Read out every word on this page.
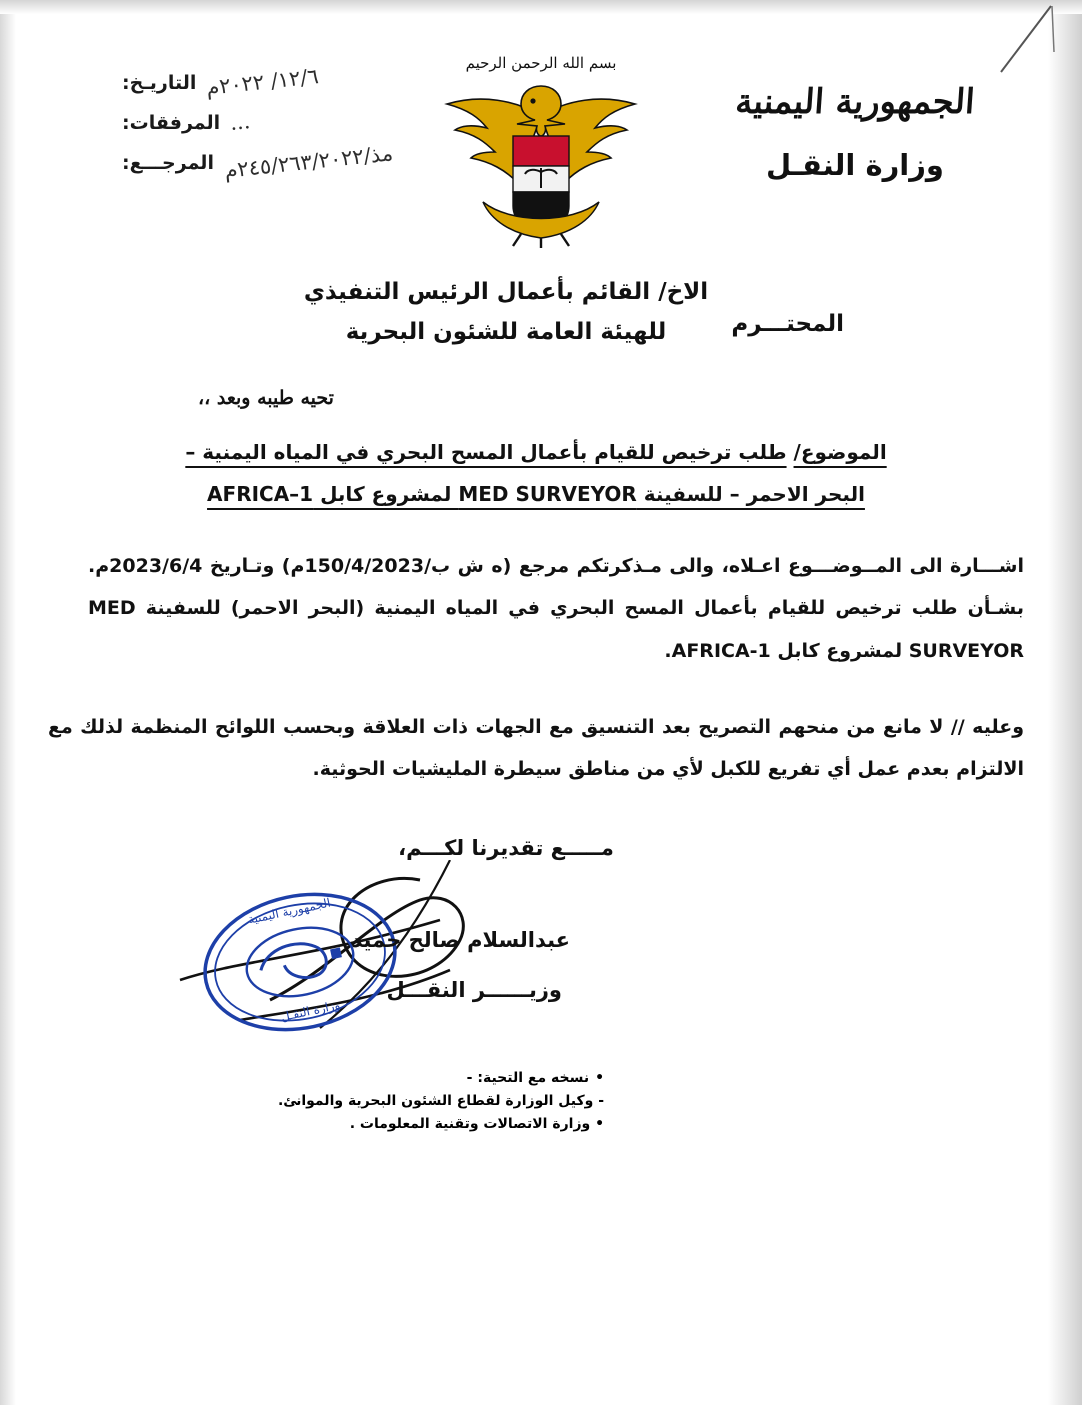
١٢/٦/ ٢٠٢٢م
التاريـخ:
...
المرفقات:
مذ/٢٤٥/٢٦٣/٢٠٢٢م
المرجـــع:
بسم الله الرحمن الرحيم
الجمهورية اليمنية
وزارة النقـل
الاخ/ القائم بأعمال الرئيس التنفيذي
للهيئة العامة للشئون البحرية	المحتـــرم
تحيه طيبه وبعد ،،
الموضوع/ طلب ترخيص للقيام بأعمال المسح البحري في المياه اليمنية –
البحر الاحمر – للسفينة MED SURVEYOR لمشروع كابل AFRICA–1
اشـــارة الى المــوضـــوع اعـلاه، والى مـذكرتكم مرجع (ه ش ب/150/4/2023م) وتـاريخ 2023/6/4م. بشـأن طلب ترخيص للقيام بأعمال المسح البحري في المياه اليمنية (البحر الاحمر) للسفينة MED SURVEYOR لمشروع كابل AFRICA-1.
وعليه // لا مانع من منحهم التصريح بعد التنسيق مع الجهات ذات العلاقة وبحسب اللوائح المنظمة لذلك مع الالتزام بعدم عمل أي تفريع للكبل لأي من مناطق سيطرة المليشيات الحوثية.
مـــــع تقديرنا لكـــم،
الجمهورية اليمنية
وزارة النقـل
عبدالسلام صالح حميد
وزيــــــر النقـــل
• نسخه مع التحية: -
- وكيل الوزارة لقطاع الشئون البحرية والموانئ.
• وزارة الاتصالات وتقنية المعلومات .
